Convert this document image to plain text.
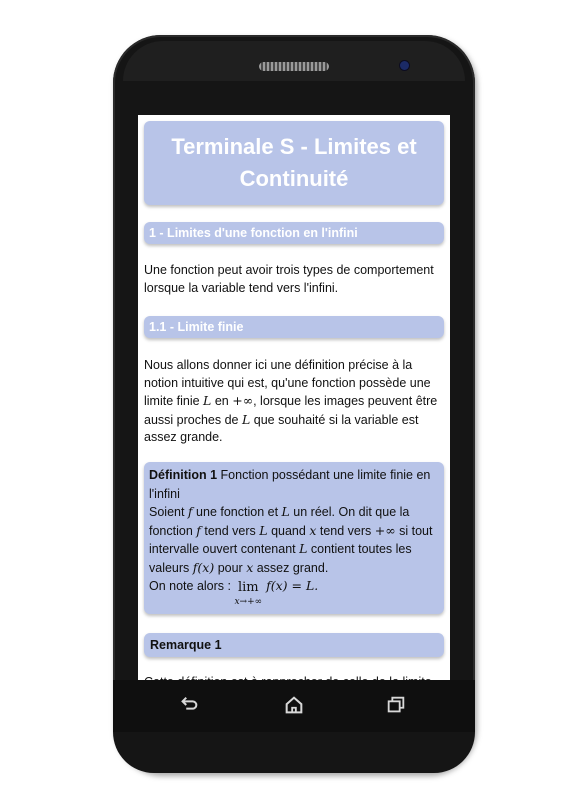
Terminale S - Limites et Continuité
1 - Limites d'une fonction en l'infini
Une fonction peut avoir trois types de comportement lorsque la variable tend vers l'infini.
1.1 - Limite finie
Nous allons donner ici une définition précise à la notion intuitive qui est, qu'une fonction possède une limite finie L en +∞, lorsque les images peuvent être aussi proches de L que souhaité si la variable est assez grande.
Définition 1 Fonction possédant une limite finie en l'infini
Soient f une fonction et L un réel. On dit que la fonction f tend vers L quand x tend vers +∞ si tout intervalle ouvert contenant L contient toutes les valeurs f(x) pour x assez grand.
On note alors : lim
x→+∞
f(x) = L.
Remarque 1
